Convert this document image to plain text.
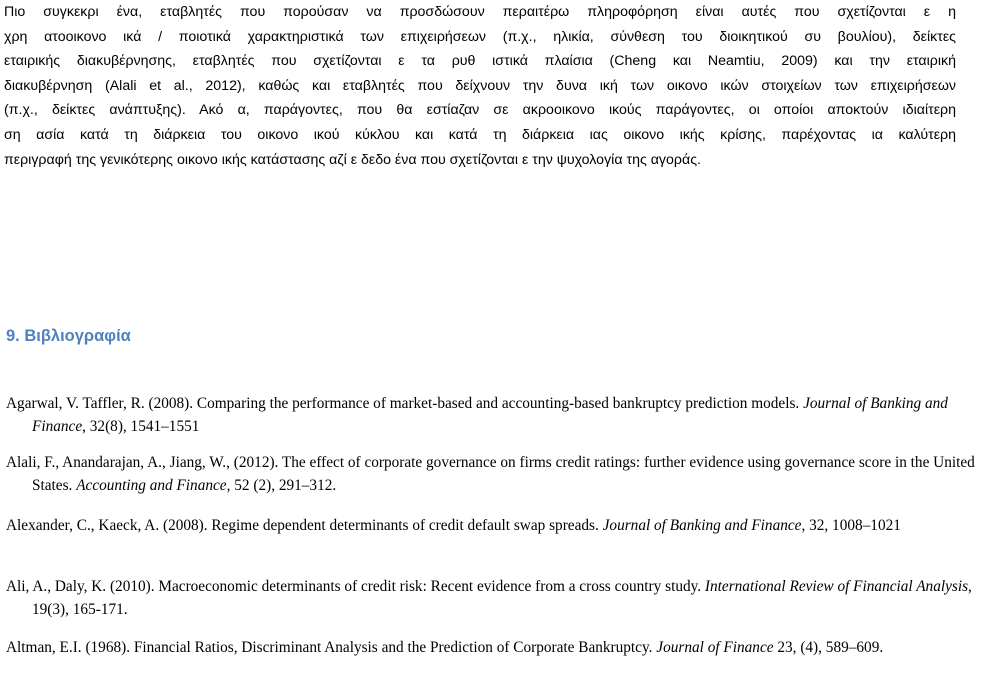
Πιο συγκεκρι ένα, εταβλητές που πορούσαν να προσδώσουν περαιτέρω πληροφόρηση είναι αυτές που σχετίζονται ε η
χρη ατοοικονο ικά / ποιοτικά χαρακτηριστικά των επιχειρήσεων (π.χ., ηλικία, σύνθεση του διοικητικού συ βουλίου), δείκτες
εταιρικής διακυβέρνησης, εταβλητές που σχετίζονται ε τα ρυθ ιστικά πλαίσια (Cheng και Neamtiu, 2009) και την εταιρική
διακυβέρνηση (Alali et al., 2012), καθώς και εταβλητές που δείχνουν την δυνα ική των οικονο ικών στοιχείων των επιχειρήσεων
(π.χ., δείκτες ανάπτυξης). Ακό α, παράγοντες, που θα εστίαζαν σε ακροοικονο ικούς παράγοντες, οι οποίοι αποκτούν ιδιαίτερη
ση ασία κατά τη διάρκεια του οικονο ικού κύκλου και κατά τη διάρκεια ιας οικονο ικής κρίσης, παρέχοντας ια καλύτερη
περιγραφή της γενικότερης οικονο ικής κατάστασης αζί ε δεδο ένα που σχετίζονται ε την ψυχολογία της αγοράς.
9. Βιβλιογραφία

Agarwal, V. Taffler, R. (2008). Comparing the performance of market-based and accounting-based bankruptcy prediction models. Journal of Banking and Finance, 32(8), 1541–1551

Alali, F., Anandarajan, A., Jiang, W., (2012). The effect of corporate governance on firms credit ratings: further evidence using governance score in the United States. Accounting and Finance, 52 (2), 291–312.

Alexander, C., Kaeck, A. (2008). Regime dependent determinants of credit default swap spreads. Journal of Banking and Finance, 32, 1008–1021

Ali, A., Daly, K. (2010). Macroeconomic determinants of credit risk: Recent evidence from a cross country study. International Review of Financial Analysis, 19(3), 165-171.

Altman, E.I. (1968). Financial Ratios, Discriminant Analysis and the Prediction of Corporate Bankruptcy. Journal of Finance 23, (4), 589–609.
